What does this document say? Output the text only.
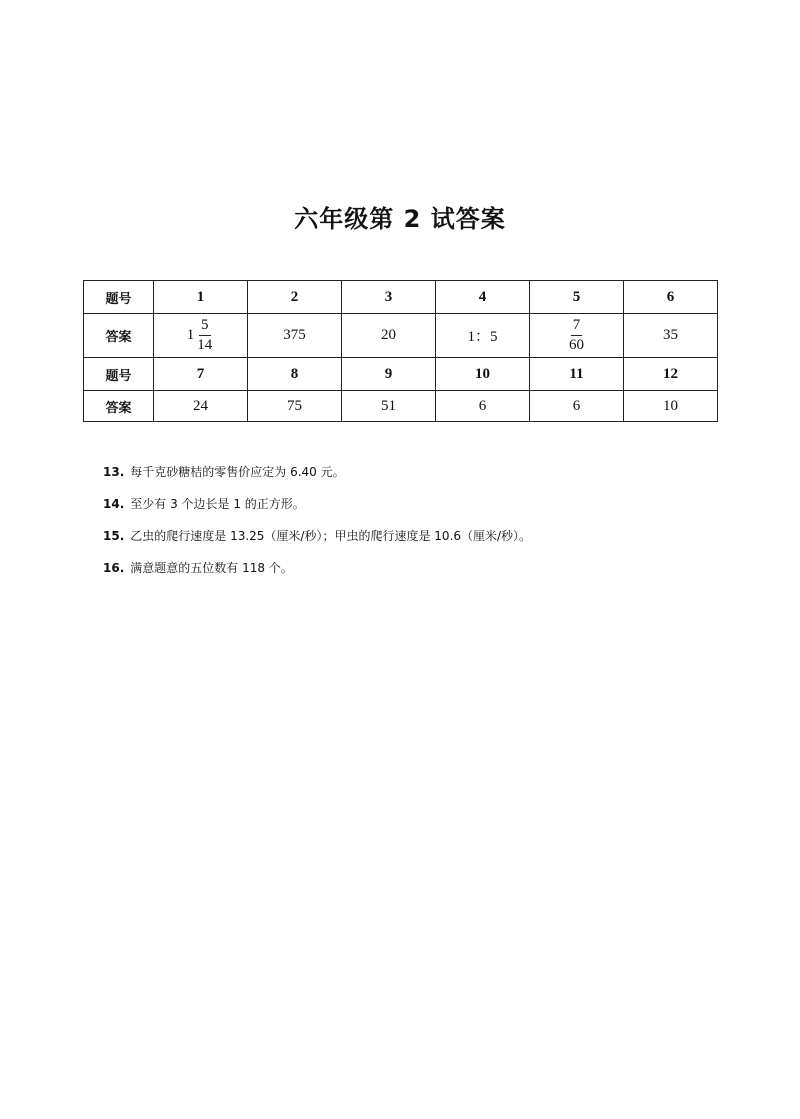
六年级第 2 试答案
题号	1	2	3	4	5	6
答案	$1 \frac{5}{14}$	375	20	1：5	$\frac{7}{60}$	35
题号	7	8	9	10	11	12
答案	24	75	51	6	6	10
13. 每千克砂糖桔的零售价应定为 6.40 元。
14. 至少有 3 个边长是 1 的正方形。
15. 乙虫的爬行速度是 13.25（厘米/秒）；甲虫的爬行速度是 10.6（厘米/秒）。
16. 满意题意的五位数有 118 个。
